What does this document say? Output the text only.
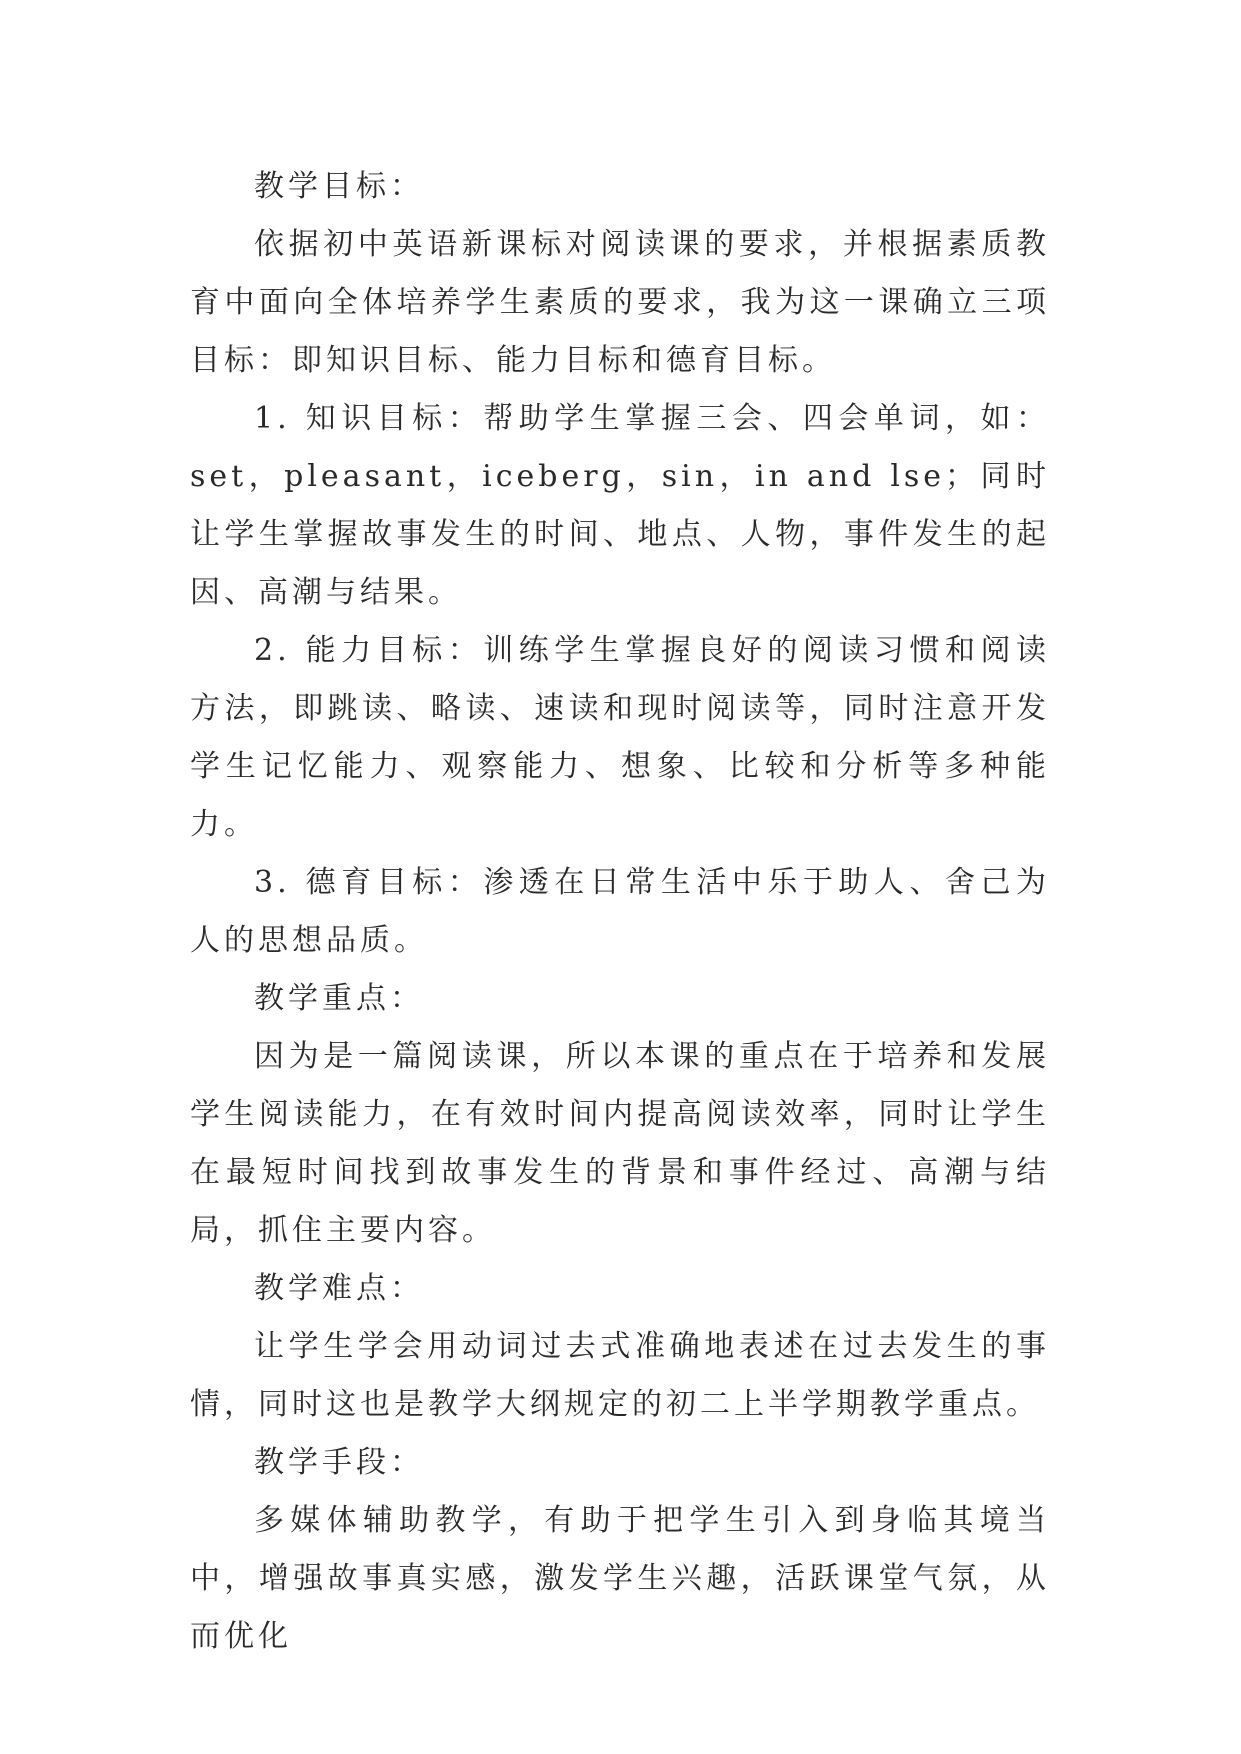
教学目标：

依据初中英语新课标对阅读课的要求，并根据素质教育中面向全体培养学生素质的要求，我为这一课确立三项目标：即知识目标、能力目标和德育目标。

1. 知识目标：帮助学生掌握三会、四会单词，如：set，pleasant，iceberg，sin，in and lse；同时让学生掌握故事发生的时间、地点、人物，事件发生的起因、高潮与结果。

2. 能力目标：训练学生掌握良好的阅读习惯和阅读方法，即跳读、略读、速读和现时阅读等，同时注意开发学生记忆能力、观察能力、想象、比较和分析等多种能力。

3. 德育目标：渗透在日常生活中乐于助人、舍己为人的思想品质。

教学重点：

因为是一篇阅读课，所以本课的重点在于培养和发展学生阅读能力，在有效时间内提高阅读效率，同时让学生在最短时间找到故事发生的背景和事件经过、高潮与结局，抓住主要内容。

教学难点：

让学生学会用动词过去式准确地表述在过去发生的事情，同时这也是教学大纲规定的初二上半学期教学重点。

教学手段：

多媒体辅助教学，有助于把学生引入到身临其境当中，增强故事真实感，激发学生兴趣，活跃课堂气氛，从而优化
